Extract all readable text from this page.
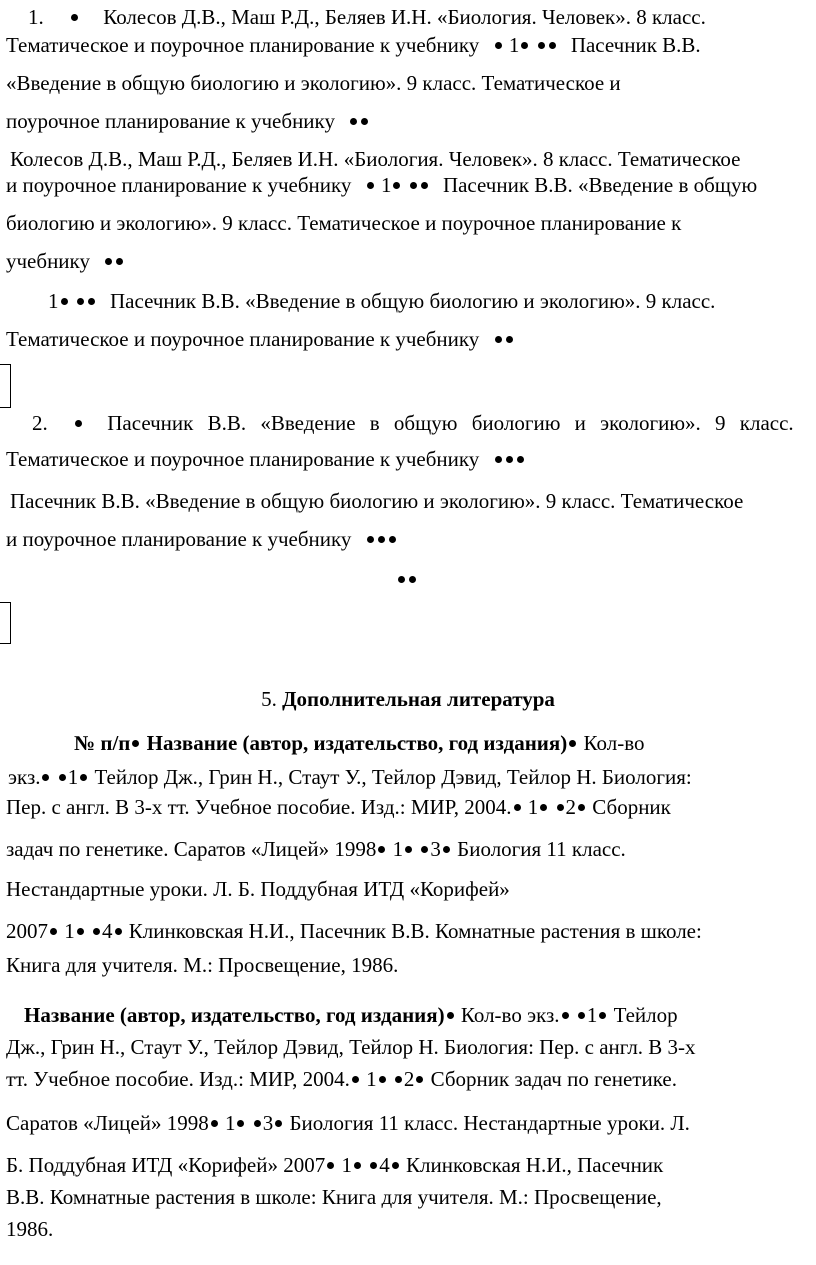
1.	Колесов Д.В., Маш Р.Д., Беляев И.Н. «Биология. Человек». 8 класс.
Тематическое и поурочное планирование к учебнику 1 Пасечник В.В.
«Введение в общую биологию и экологию». 9 класс. Тематическое и
поурочное планирование к учебнику
Колесов Д.В., Маш Р.Д., Беляев И.Н. «Биология. Человек». 8 класс. Тематическое
и поурочное планирование к учебнику 1 Пасечник В.В. «Введение в общую
биологию и экологию». 9 класс. Тематическое и поурочное планирование к
учебнику
1 Пасечник В.В. «Введение в общую биологию и экологию». 9 класс.
Тематическое и поурочное планирование к учебнику
2.	Пасечник В.В. «Введение в общую биологию и экологию». 9 класс.
Тематическое и поурочное планирование к учебнику
Пасечник В.В. «Введение в общую биологию и экологию». 9 класс. Тематическое
и поурочное планирование к учебнику
5. Дополнительная литература
№ п/п Название (автор, издательство, год издания) Кол-во
экз. 1 Тейлор Дж., Грин Н., Стаут У., Тейлор Дэвид, Тейлор Н. Биология:
Пер. с англ. В 3-х тт. Учебное пособие. Изд.: МИР, 2004. 1 2 Сборник
задач по генетике. Саратов «Лицей» 1998 1 3 Биология 11 класс.
Нестандартные уроки. Л. Б. Поддубная ИТД «Корифей»
2007 1 4 Клинковская Н.И., Пасечник В.В. Комнатные растения в школе:
Книга для учителя. М.: Просвещение, 1986.
Название (автор, издательство, год издания) Кол-во экз. 1 Тейлор
Дж., Грин Н., Стаут У., Тейлор Дэвид, Тейлор Н. Биология: Пер. с англ. В 3-х
тт. Учебное пособие. Изд.: МИР, 2004. 1 2 Сборник задач по генетике.
Саратов «Лицей» 1998 1 3 Биология 11 класс. Нестандартные уроки. Л.
Б. Поддубная ИТД «Корифей» 2007 1 4 Клинковская Н.И., Пасечник
В.В. Комнатные растения в школе: Книга для учителя. М.: Просвещение,
1986.
